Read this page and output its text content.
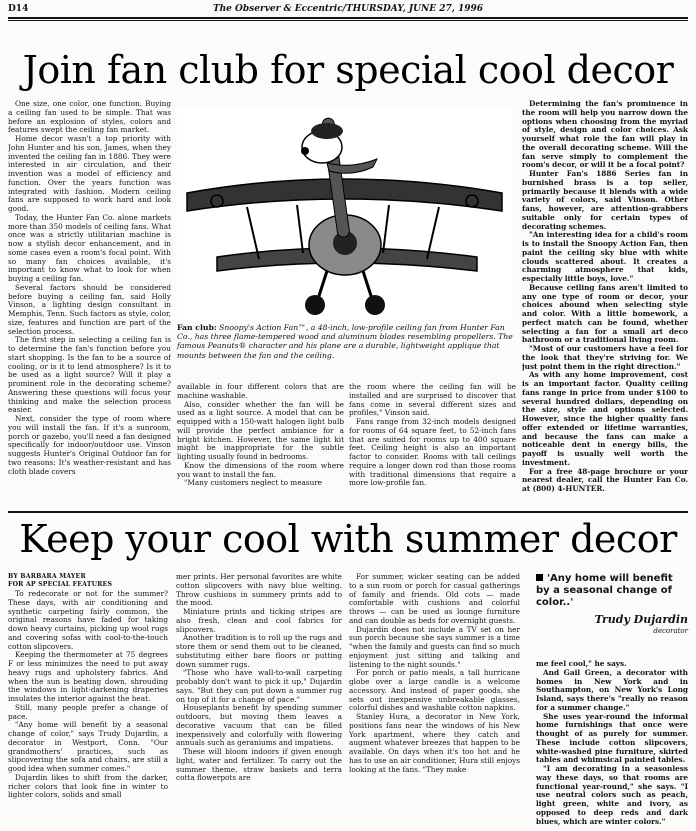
D14	The Observer & Eccentric/THURSDAY, JUNE 27, 1996
Join fan club for special cool decor

One size, one color, one function. Buying a ceiling fan used to be simple. That was before an explosion of styles, colors and features swept the ceiling fan market.

Home decor wasn't a top priority with John Hunter and his son, James, when they invented the ceiling fan in 1886. They were interested in air circulation, and their invention was a model of efficiency and function. Over the years function was integrated with fashion. Modern ceiling fans are supposed to work hard and look good.

Today, the Hunter Fan Co. alone markets more than 350 models of ceiling fans. What once was a strictly utilitarian machine is now a stylish decor enhancement, and in some cases even a room's focal point. With so many fan choices available, it's important to know what to look for when buying a ceiling fan.

Several factors should be considered before buying a ceiling fan, said Holly Vinson, a lighting design consultant in Memphis, Tenn. Such factors as style, color, size, features and function are part of the selection process.

The first step in selecting a ceiling fan is to determine the fan's function before you start shopping. Is the fan to be a source of cooling, or is it to lend atmosphere? Is it to be used as a light source? Will it play a prominent role in the decorating scheme? Answering these questions will focus your thinking and make the selection process easier.

Next, consider the type of room where you will install the fan. If it's a sunroom, porch or gazebo, you'll need a fan designed specifically for indoor/outdoor use. Vinson suggests Hunter's Original Outdoor fan for two reasons: It's weather-resistant and has cloth blade covers

Fan club: Snoopy's Action Fan™, a 48-inch, low-profile ceiling fan from Hunter Fan Co., has three flame-tempered wood and aluminum blades resembling propellers. The famous Peanuts® character and his plane are a durable, lightweight applique that mounts between the fan and the ceiling.

available in four different colors that are machine washable.

Also, consider whether the fan will be used as a light source. A model that can be equipped with a 150-watt halogen light bulb will provide the perfect ambiance for a bright kitchen. However, the same light kit might be inappropriate for the subtle lighting usually found in bedrooms.

Know the dimensions of the room where you want to install the fan.

"Many customers neglect to measure

the room where the ceiling fan will be installed and are surprised to discover that fans come in several different sizes and profiles," Vinson said.

Fans range from 32-inch models designed for rooms of 64 square feet, to 52-inch fans that are suited for rooms up to 400 square feet. Ceiling height is also an important factor to consider. Rooms with tall ceilings require a longer down rod than those rooms with traditional dimensions that require a more low-profile fan.

Determining the fan's prominence in the room will help you narrow down the options when choosing from the myriad of style, design and color choices. Ask yourself what role the fan will play in the overall decorating scheme. Will the fan serve simply to complement the room's decor, or will it be a focal point?

Hunter Fan's 1886 Series fan in burnished brass is a top seller, primarily because it blends with a wide variety of colors, said Vinson. Other fans, however, are attention-grabbers suitable only for certain types of decorating schemes.

"An interesting idea for a child's room is to install the Snoopy Action Fan, then paint the ceiling sky blue with white clouds scattered about. It creates a charming atmosphere that kids, especially little boys, love."

Because ceiling fans aren't limited to any one type of room or decor, your choices abound when selecting style and color. With a little homework, a perfect match can be found, whether selecting a fan for a small art deco bathroom or a traditional living room.

"Most of our customers have a feel for the look that they're striving for. We just point them in the right direction."

As with any home improvement, cost is an important factor. Quality ceiling fans range in price from under $100 to several hundred dollars, depending on the size, style and options selected. However, since the higher quality fans offer extended or lifetime warranties, and because the fans can make a noticeable dent in energy bills, the payoff is usually well worth the investment.

For a free 48-page brochure or your nearest dealer, call the Hunter Fan Co. at (800) 4-HUNTER.

Keep your cool with summer decor
BY BARBARA MAYER
FOR AP SPECIAL FEATURES

To redecorate or not for the summer? These days, with air conditioning and synthetic carpeting fairly common, the original reasons have faded for taking down heavy curtains, picking up wool rugs and covering sofas with cool-to-the-touch cotton slipcovers.

Keeping the thermometer at 75 degrees F or less minimizes the need to put away heavy rugs and upholstery fabrics. And when the sun is beating down, shrouding the windows in light-darkening draperies insulates the interior against the heat.

Still, many people prefer a change of pace.

"Any home will benefit by a seasonal change of color," says Trudy Dujardin, a decorator in Westport, Conn. "Our grandmothers' practices, such as slipcovering the sofa and chairs, are still a good idea when summer comes."

Dujardin likes to shift from the darker, richer colors that look fine in winter to lighter colors, solids and small

mer prints. Her personal favorites are white cotton slipcovers with navy blue welting. Throw cushions in summery prints add to the mood.

Miniature prints and ticking stripes are also fresh, clean and cool fabrics for slipcovers.

Another tradition is to roll up the rugs and store them or send them out to be cleaned, substituting either bare floors or putting down summer rugs.

"Those who have wall-to-wall carpeting probably don't want to pick it up," Dujardin says. "But they can put down a summer rug on top of it for a change of pace."

Houseplants benefit by spending summer outdoors, but moving them leaves a decorative vacuum that can be filled inexpensively and colorfully with flowering annuals such as geraniums and impatiens.

These will bloom indoors if given enough light, water and fertilizer. To carry out the summer theme, straw baskets and terra cotta flowerpots are

For summer, wicker seating can be added to a sun room or porch for casual gatherings of family and friends. Old cots — made comfortable with cushions and colorful throws — can be used as lounge furniture and can double as beds for overnight guests.

Dujardin does not include a TV set on her sun porch because she says summer is a time "when the family and guests can find so much enjoyment just sitting and talking and listening to the night sounds."

For porch or patio meals, a tall hurricane globe over a large candle is a welcome accessory. And instead of paper goods, she sets out inexpensive unbreakable glasses, colorful dishes and washable cotton napkins.

Stanley Hura, a decorator in New York, positions fans near the windows of his New York apartment, where they catch and augment whatever breezes that happen to be available. On days when it's too hot and he has to use an air conditioner, Hura still enjoys looking at the fans. "They make

'Any home will benefit by a seasonal change of color..'
Trudy Dujardin
decorator

me feel cool," he says.

And Gail Green, a decorator with homes in New York and in Southampton, on New York's Long Island, says there's "really no reason for a summer change."

She uses year-round the informal home furnishings that once were thought of as purely for summer. These include cotton slipcovers, white-washed pine furniture, skirted tables and whimsical painted tables.

"I am decorating in a seasonless way these days, so that rooms are functional year-round," she says. "I use neutral colors such as peach, light green, white and ivory, as opposed to deep reds and dark blues, which are winter colors."
